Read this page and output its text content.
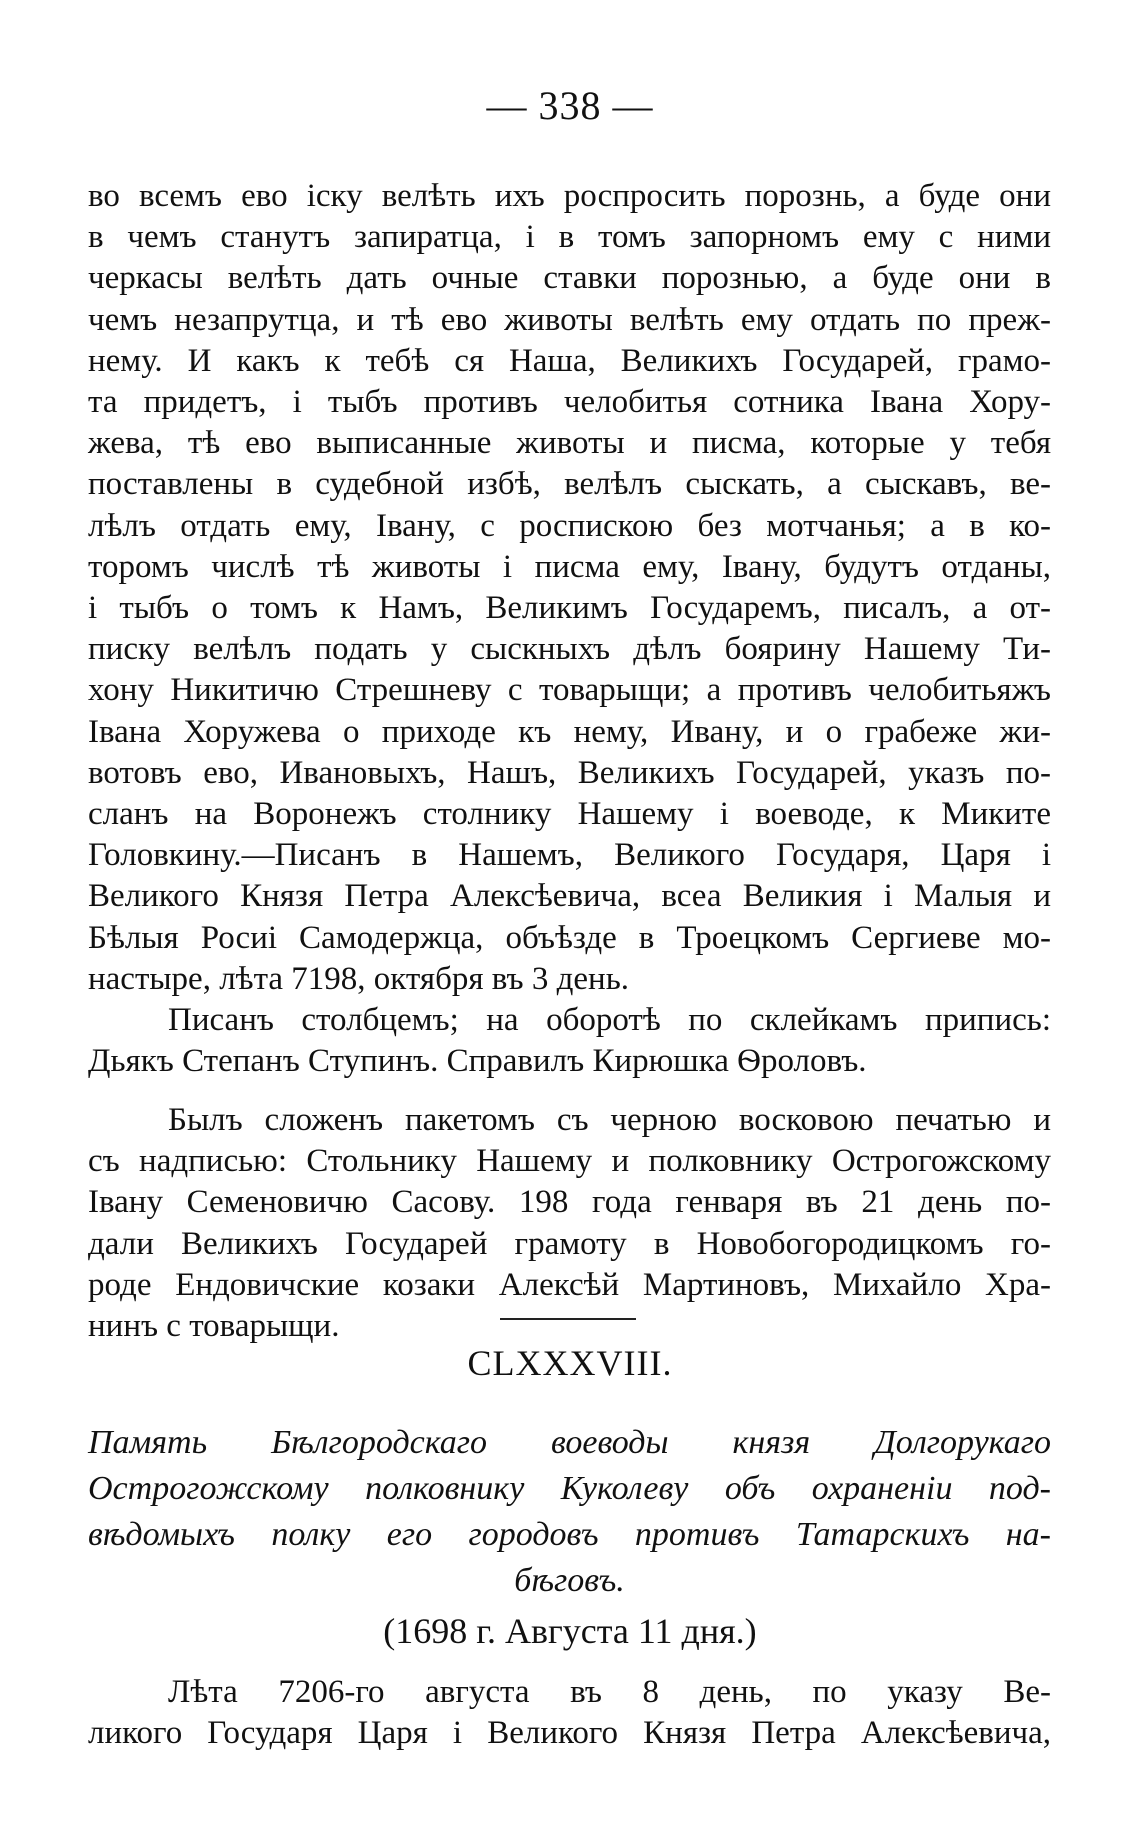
— 338 —
во всемъ ево іску велѣть ихъ роспросить порознь, а буде они
в чемъ станутъ запиратца, і в томъ запорномъ ему с ними
черкасы велѣть дать очные ставки порознью, а буде они в
чемъ незапрутца, и тѣ ево животы велѣть ему отдать по преж-
нему. И какъ к тебѣ ся Наша, Великихъ Государей, грамо-
та придетъ, і тыбъ противъ челобитья сотника Івана Хору-
жева, тѣ ево выписанные животы и писма, которые у тебя
поставлены в судебной избѣ, велѣлъ сыскать, а сыскавъ, ве-
лѣлъ отдать ему, Івану, с роспискою без мотчанья; а в ко-
торомъ числѣ тѣ животы і писма ему, Івану, будутъ отданы,
і тыбъ о томъ к Намъ, Великимъ Государемъ, писалъ, а от-
писку велѣлъ подать у сыскныхъ дѣлъ боярину Нашему Ти-
хону Никитичю Стрешневу с товарыщи; а противъ челобитьяжъ
Івана Хоружева о приходе къ нему, Ивану, и о грабеже жи-
вотовъ ево, Ивановыхъ, Нашъ, Великихъ Государей, указъ по-
сланъ на Воронежъ столнику Нашему і воеводе, к Миките
Головкину.—Писанъ в Нашемъ, Великого Государя, Царя і
Великого Князя Петра Алексѣевича, всеа Великия і Малыя и
Бѣлыя Росиі Самодержца, объѣзде в Троецкомъ Сергиеве мо-
настыре, лѣта 7198, октября въ 3 день.
Писанъ столбцемъ; на оборотѣ по склейкамъ припись:
Дьякъ Степанъ Ступинъ. Справилъ Кирюшка Ѳроловъ.
Былъ сложенъ пакетомъ съ черною восковою печатью и
съ надписью: Стольнику Нашему и полковнику Острогожскому
Івану Семеновичю Сасову. 198 года генваря въ 21 день по-
дали Великихъ Государей грамоту в Новобогородицкомъ го-
роде Ендовичские козаки Алексѣй Мартиновъ, Михайло Хра-
нинъ с товарыщи.
CLXXXVIII.
Память Бѣлгородскаго воеводы князя Долгорукаго
Острогожскому полковнику Куколеву объ охраненіи под-
вѣдомыхъ полку его городовъ противъ Татарскихъ на-
бѣговъ.
(1698 г. Августа 11 дня.)
Лѣта 7206-го августа въ 8 день, по указу Ве-
ликого Государя Царя і Великого Князя Петра Алексѣевича,
